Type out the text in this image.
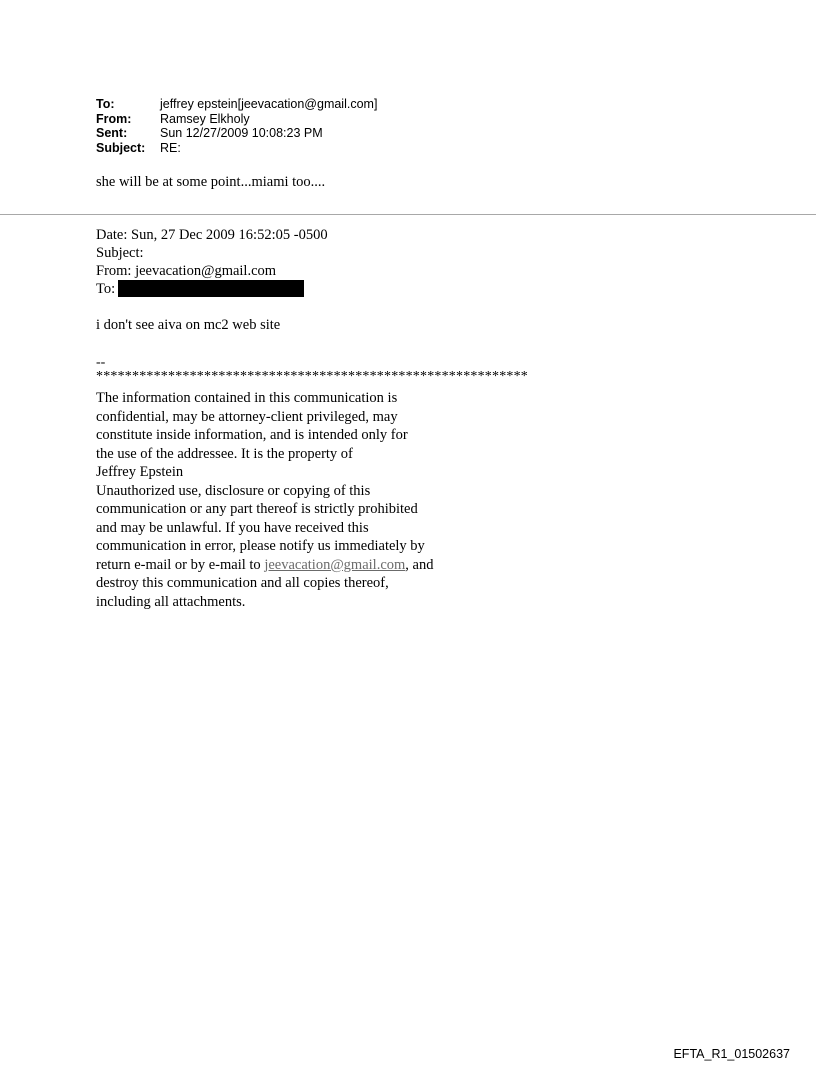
To:	jeffrey epstein[jeevacation@gmail.com]
From:	Ramsey Elkholy
Sent:	Sun 12/27/2009 10:08:23 PM
Subject:	RE:
she will be at some point...miami too....
Date: Sun, 27 Dec 2009 16:52:05 -0500
Subject:
From: jeevacation@gmail.com
To:
i don't see aiva on mc2 web site
--
************************************************************
The information contained in this communication is
confidential, may be attorney-client privileged, may
constitute inside information, and is intended only for
the use of the addressee. It is the property of
Jeffrey Epstein
Unauthorized use, disclosure or copying of this
communication or any part thereof is strictly prohibited
and may be unlawful. If you have received this
communication in error, please notify us immediately by
return e-mail or by e-mail to jeevacation@gmail.com, and
destroy this communication and all copies thereof,
including all attachments.
EFTA_R1_01502637
